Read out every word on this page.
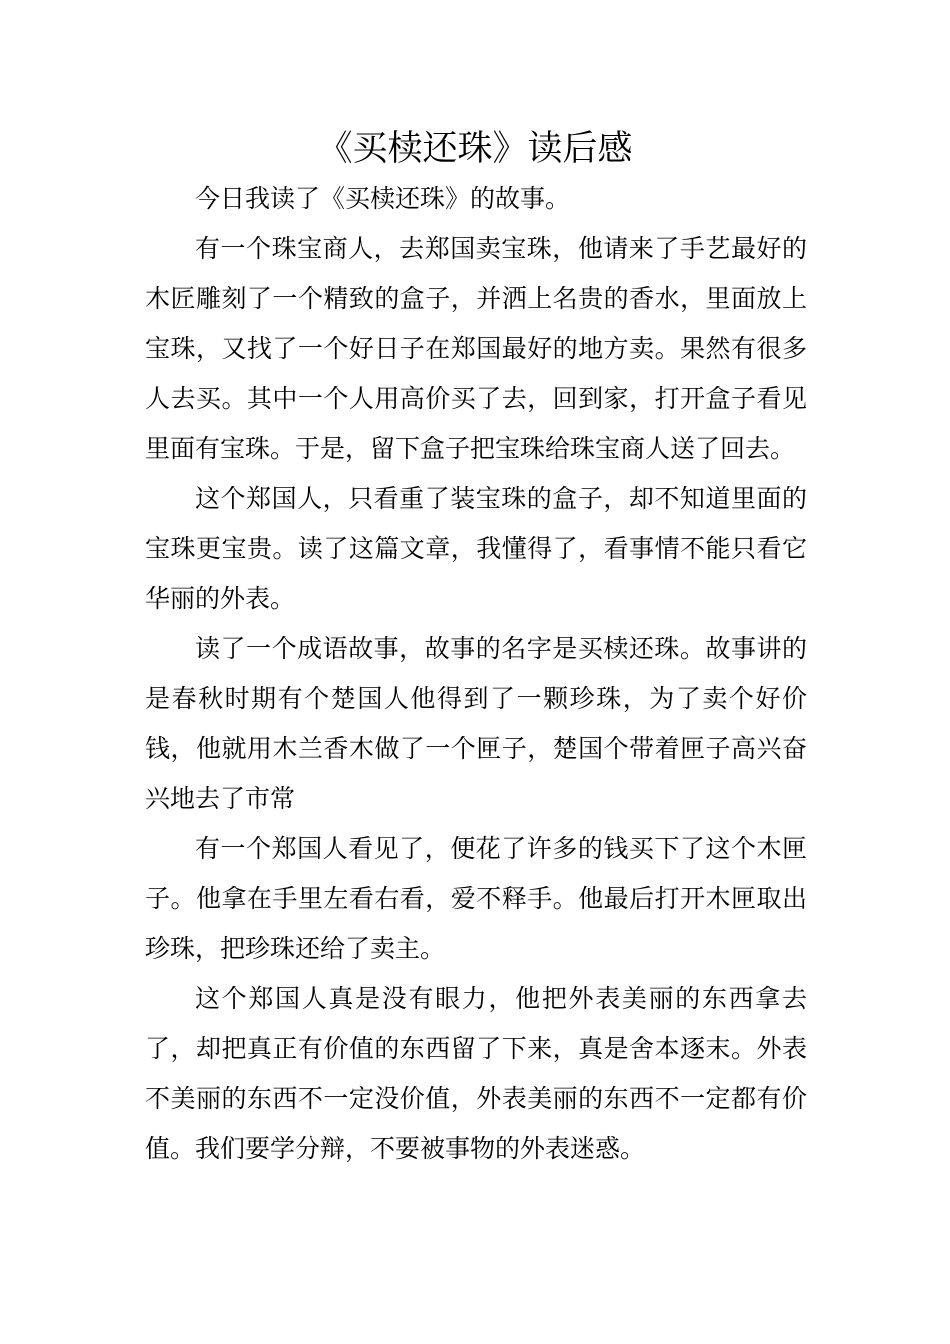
《买椟还珠》读后感

今日我读了《买椟还珠》的故事。

有一个珠宝商人，去郑国卖宝珠，他请来了手艺最好的木匠雕刻了一个精致的盒子，并洒上名贵的香水，里面放上宝珠，又找了一个好日子在郑国最好的地方卖。果然有很多人去买。其中一个人用高价买了去，回到家，打开盒子看见里面有宝珠。于是，留下盒子把宝珠给珠宝商人送了回去。

这个郑国人，只看重了装宝珠的盒子，却不知道里面的宝珠更宝贵。读了这篇文章，我懂得了，看事情不能只看它华丽的外表。

读了一个成语故事，故事的名字是买椟还珠。故事讲的是春秋时期有个楚国人他得到了一颗珍珠，为了卖个好价钱，他就用木兰香木做了一个匣子，楚国个带着匣子高兴奋兴地去了市常

有一个郑国人看见了，便花了许多的钱买下了这个木匣子。他拿在手里左看右看，爱不释手。他最后打开木匣取出珍珠，把珍珠还给了卖主。

这个郑国人真是没有眼力，他把外表美丽的东西拿去了，却把真正有价值的东西留了下来，真是舍本逐末。外表不美丽的东西不一定没价值，外表美丽的东西不一定都有价值。我们要学分辩，不要被事物的外表迷惑。
